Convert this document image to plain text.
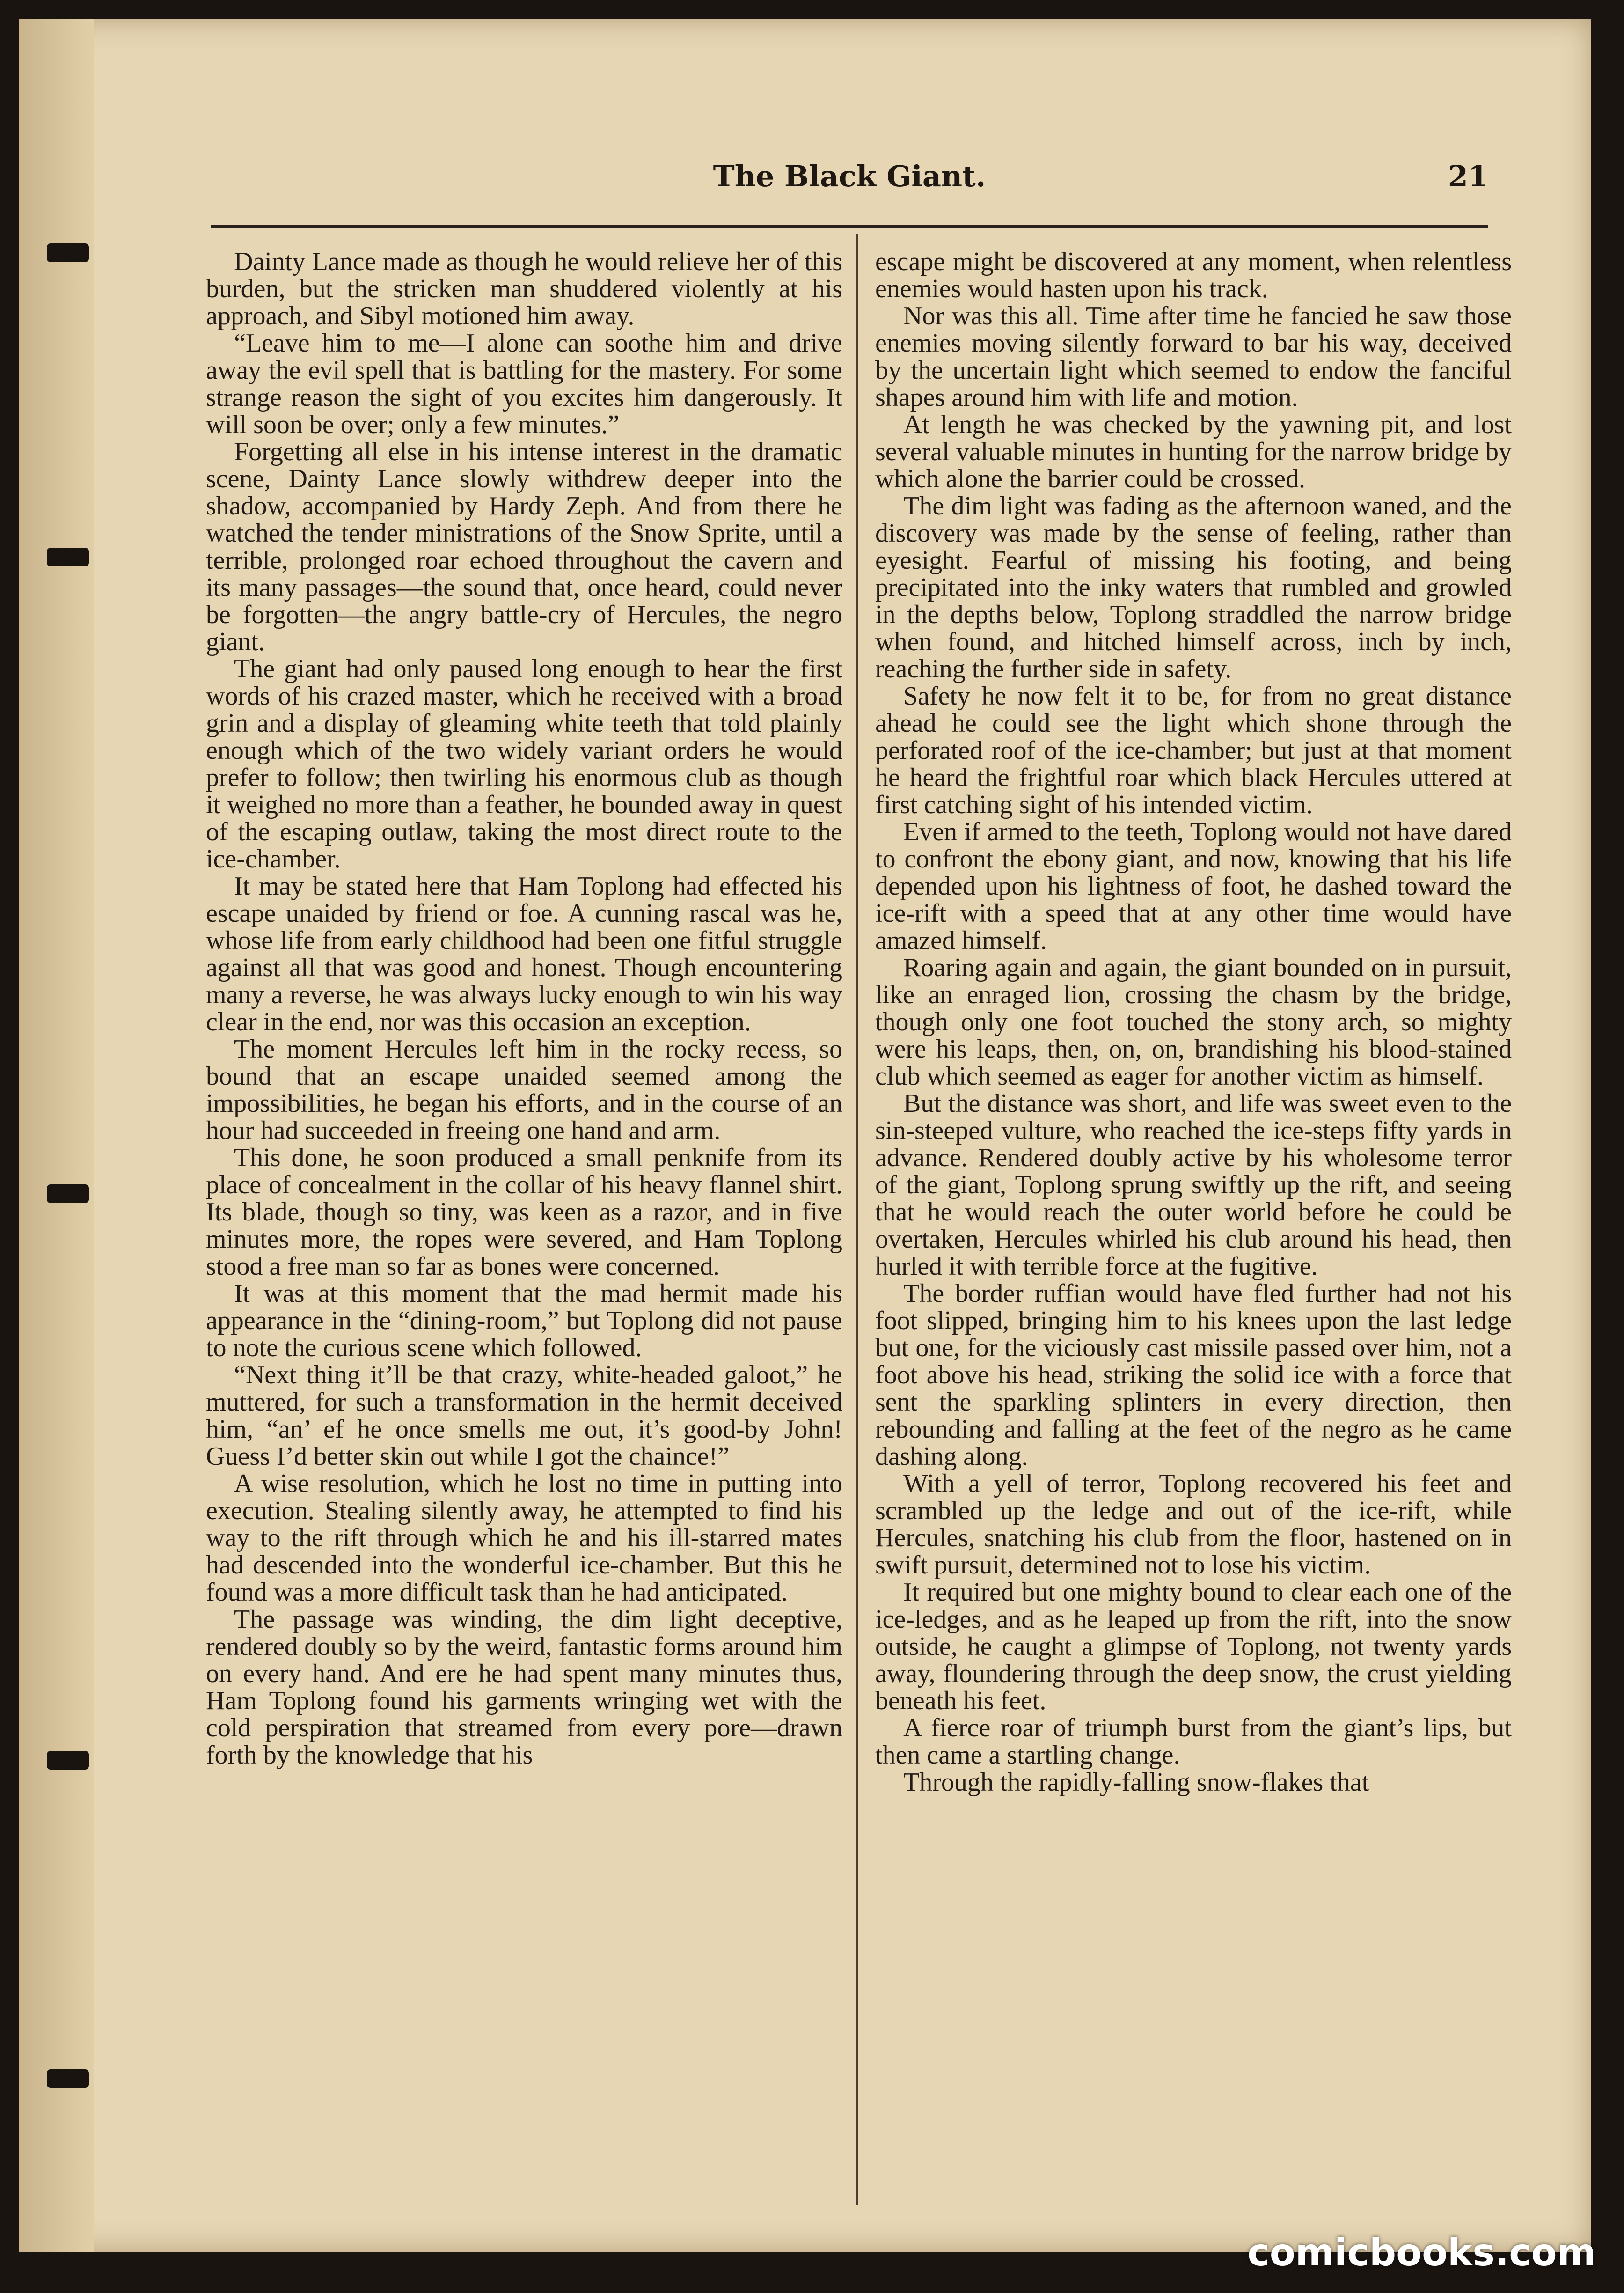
The Black Giant.	21

Dainty Lance made as though he would relieve her of this burden, but the stricken man shuddered violently at his approach, and Sibyl motioned him away.

“Leave him to me—I alone can soothe him and drive away the evil spell that is battling for the mastery. For some strange reason the sight of you excites him dangerously. It will soon be over; only a few minutes.”

Forgetting all else in his intense interest in the dramatic scene, Dainty Lance slowly withdrew deeper into the shadow, accompanied by Hardy Zeph. And from there he watched the tender ministrations of the Snow Sprite, until a terrible, prolonged roar echoed throughout the cavern and its many passages—the sound that, once heard, could never be forgotten—the angry battle-cry of Hercules, the negro giant.

The giant had only paused long enough to hear the first words of his crazed master, which he received with a broad grin and a display of gleaming white teeth that told plainly enough which of the two widely variant orders he would prefer to follow; then twirling his enormous club as though it weighed no more than a feather, he bounded away in quest of the escaping outlaw, taking the most direct route to the ice-chamber.

It may be stated here that Ham Toplong had effected his escape unaided by friend or foe. A cunning rascal was he, whose life from early childhood had been one fitful struggle against all that was good and honest. Though encountering many a reverse, he was always lucky enough to win his way clear in the end, nor was this occasion an exception.

The moment Hercules left him in the rocky recess, so bound that an escape unaided seemed among the impossibilities, he began his efforts, and in the course of an hour had succeeded in freeing one hand and arm.

This done, he soon produced a small penknife from its place of concealment in the collar of his heavy flannel shirt. Its blade, though so tiny, was keen as a razor, and in five minutes more, the ropes were severed, and Ham Toplong stood a free man so far as bones were concerned.

It was at this moment that the mad hermit made his appearance in the “dining-room,” but Toplong did not pause to note the curious scene which followed.

“Next thing it’ll be that crazy, white-headed galoot,” he muttered, for such a transformation in the hermit deceived him, “an’ ef he once smells me out, it’s good-by John! Guess I’d better skin out while I got the chaince!”

A wise resolution, which he lost no time in putting into execution. Stealing silently away, he attempted to find his way to the rift through which he and his ill-starred mates had descended into the wonderful ice-chamber. But this he found was a more difficult task than he had anticipated.

The passage was winding, the dim light deceptive, rendered doubly so by the weird, fantastic forms around him on every hand. And ere he had spent many minutes thus, Ham Toplong found his garments wringing wet with the cold perspiration that streamed from every pore—drawn forth by the knowledge that his

escape might be discovered at any moment, when relentless enemies would hasten upon his track.

Nor was this all. Time after time he fancied he saw those enemies moving silently forward to bar his way, deceived by the uncertain light which seemed to endow the fanciful shapes around him with life and motion.

At length he was checked by the yawning pit, and lost several valuable minutes in hunting for the narrow bridge by which alone the barrier could be crossed.

The dim light was fading as the afternoon waned, and the discovery was made by the sense of feeling, rather than eyesight. Fearful of missing his footing, and being precipitated into the inky waters that rumbled and growled in the depths below, Toplong straddled the narrow bridge when found, and hitched himself across, inch by inch, reaching the further side in safety.

Safety he now felt it to be, for from no great distance ahead he could see the light which shone through the perforated roof of the ice-chamber; but just at that moment he heard the frightful roar which black Hercules uttered at first catching sight of his intended victim.

Even if armed to the teeth, Toplong would not have dared to confront the ebony giant, and now, knowing that his life depended upon his lightness of foot, he dashed toward the ice-rift with a speed that at any other time would have amazed himself.

Roaring again and again, the giant bounded on in pursuit, like an enraged lion, crossing the chasm by the bridge, though only one foot touched the stony arch, so mighty were his leaps, then, on, on, brandishing his blood-stained club which seemed as eager for another victim as himself.

But the distance was short, and life was sweet even to the sin-steeped vulture, who reached the ice-steps fifty yards in advance. Rendered doubly active by his wholesome terror of the giant, Toplong sprung swiftly up the rift, and seeing that he would reach the outer world before he could be overtaken, Hercules whirled his club around his head, then hurled it with terrible force at the fugitive.

The border ruffian would have fled further had not his foot slipped, bringing him to his knees upon the last ledge but one, for the viciously cast missile passed over him, not a foot above his head, striking the solid ice with a force that sent the sparkling splinters in every direction, then rebounding and falling at the feet of the negro as he came dashing along.

With a yell of terror, Toplong recovered his feet and scrambled up the ledge and out of the ice-rift, while Hercules, snatching his club from the floor, hastened on in swift pursuit, determined not to lose his victim.

It required but one mighty bound to clear each one of the ice-ledges, and as he leaped up from the rift, into the snow outside, he caught a glimpse of Toplong, not twenty yards away, floundering through the deep snow, the crust yielding beneath his feet.

A fierce roar of triumph burst from the giant’s lips, but then came a startling change.

Through the rapidly-falling snow-flakes that

comicbooks.com
